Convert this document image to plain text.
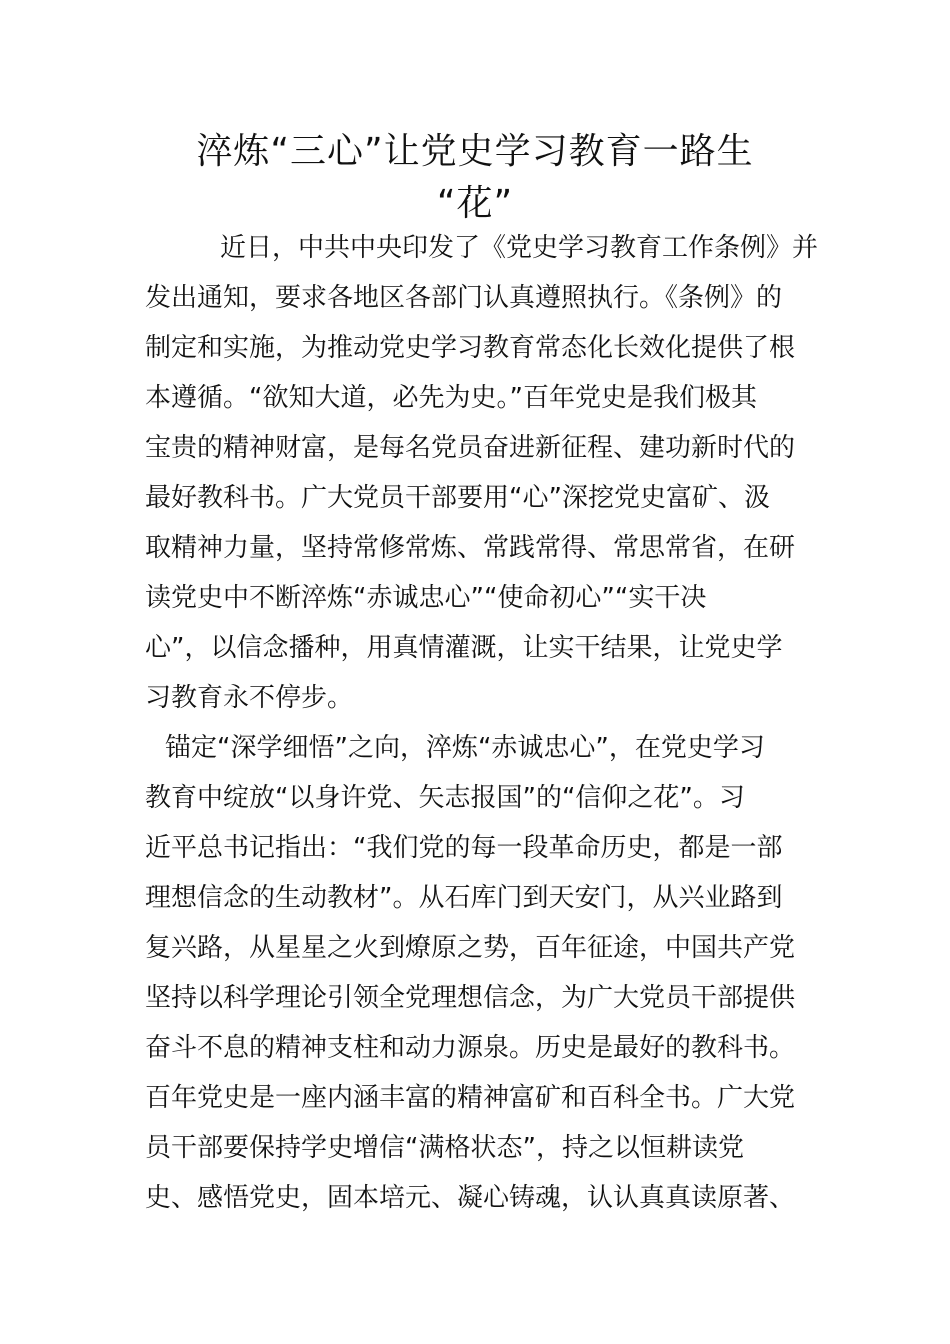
淬炼“三心”让党史学习教育一路生
“花”
近日，中共中央印发了《党史学习教育工作条例》并
发出通知，要求各地区各部门认真遵照执行。《条例》的
制定和实施，为推动党史学习教育常态化长效化提供了根
本遵循。“欲知大道，必先为史。”百年党史是我们极其
宝贵的精神财富，是每名党员奋进新征程、建功新时代的
最好教科书。广大党员干部要用“心”深挖党史富矿、汲
取精神力量，坚持常修常炼、常践常得、常思常省，在研
读党史中不断淬炼“赤诚忠心”“使命初心”“实干决
心”，以信念播种，用真情灌溉，让实干结果，让党史学
习教育永不停步。
锚定“深学细悟”之向，淬炼“赤诚忠心”，在党史学习
教育中绽放“以身许党、矢志报国”的“信仰之花”。习
近平总书记指出：“我们党的每一段革命历史，都是一部
理想信念的生动教材”。从石库门到天安门，从兴业路到
复兴路，从星星之火到燎原之势，百年征途，中国共产党
坚持以科学理论引领全党理想信念，为广大党员干部提供
奋斗不息的精神支柱和动力源泉。历史是最好的教科书。
百年党史是一座内涵丰富的精神富矿和百科全书。广大党
员干部要保持学史增信“满格状态”，持之以恒耕读党
史、感悟党史，固本培元、凝心铸魂，认认真真读原著、
